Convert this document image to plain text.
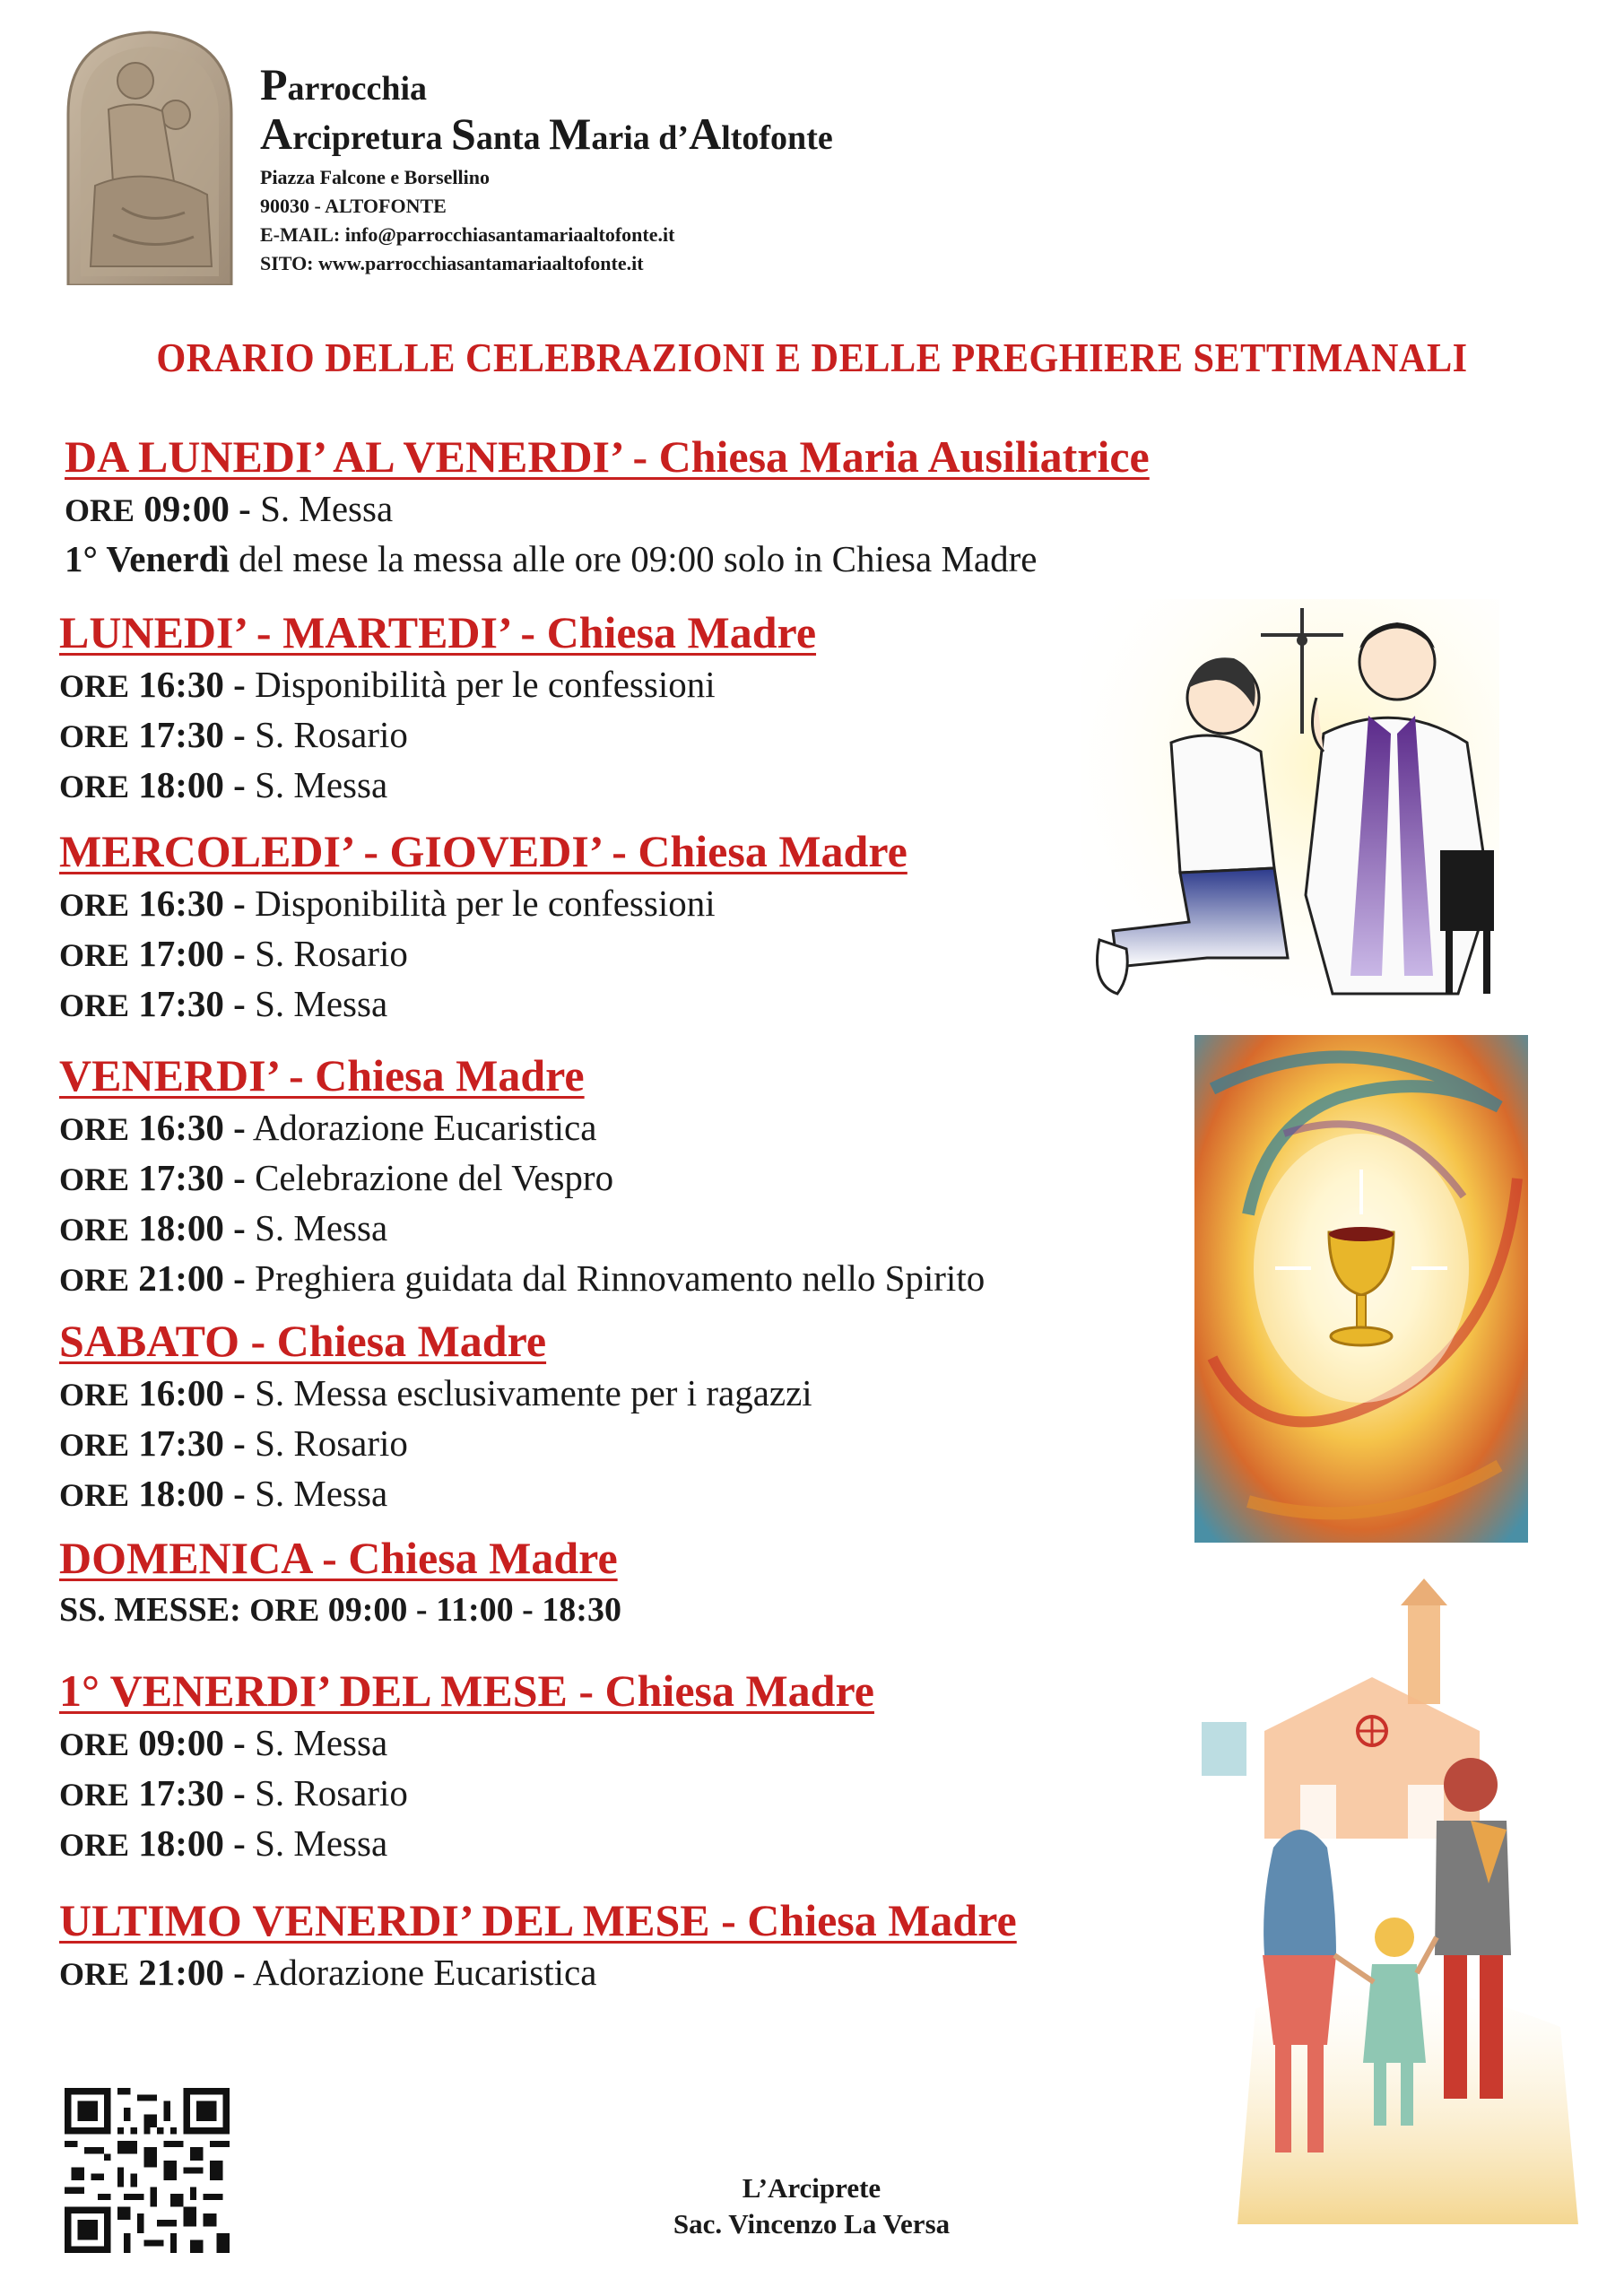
Parrocchia
Arcipretura Santa Maria d’Altofonte
Piazza Falcone e Borsellino
90030 - ALTOFONTE
E-MAIL: info@parrocchiasantamariaaltofonte.it
SITO: www.parrocchiasantamariaaltofonte.it
ORARIO DELLE CELEBRAZIONI E DELLE PREGHIERE SETTIMANALI
DA LUNEDI’ AL VENERDI’ - Chiesa Maria Ausiliatrice
ORE 09:00 - S. Messa
1° Venerdì del mese la messa alle ore 09:00 solo in Chiesa Madre
LUNEDI’ - MARTEDI’ - Chiesa Madre
ORE 16:30 - Disponibilità per le confessioni
ORE 17:30 - S. Rosario
ORE 18:00 - S. Messa
MERCOLEDI’ - GIOVEDI’ - Chiesa Madre
ORE 16:30 - Disponibilità per le confessioni
ORE 17:00 - S. Rosario
ORE 17:30 - S. Messa
VENERDI’ - Chiesa Madre
ORE 16:30 - Adorazione Eucaristica
ORE 17:30 - Celebrazione del Vespro
ORE 18:00 - S. Messa
ORE 21:00 - Preghiera guidata dal Rinnovamento nello Spirito
SABATO - Chiesa Madre
ORE 16:00 - S. Messa esclusivamente per i ragazzi
ORE 17:30 - S. Rosario
ORE 18:00 - S. Messa
DOMENICA - Chiesa Madre
SS. MESSE: ORE 09:00 - 11:00 - 18:30
1° VENERDI’ DEL MESE - Chiesa Madre
ORE 09:00 - S. Messa
ORE 17:30 - S. Rosario
ORE 18:00 - S. Messa
ULTIMO VENERDI’ DEL MESE - Chiesa Madre
ORE 21:00 - Adorazione Eucaristica
L’Arciprete
Sac. Vincenzo La Versa
